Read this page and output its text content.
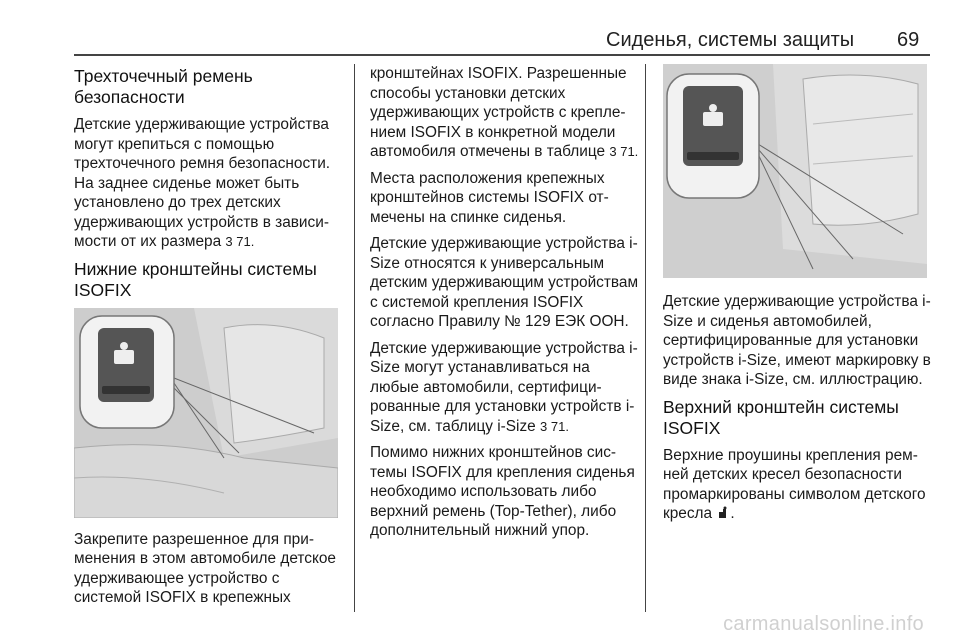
Сиденья, системы защиты 69
Трехточечный ремень безопасности

Детские удерживающие устройства могут крепиться с помощью трехточечного ремня безопасности. На заднее сиденье может быть установлено до трех детских удерживающих устройств в зависимости от их размера 3 71.

Нижние кронштейны системы ISOFIX

Закрепите разрешенное для применения в этом автомобиле детское удерживающее устройство с системой ISOFIX в крепежных

кронштейнах ISOFIX. Разрешенные способы установки детских удерживающих устройств с креплением ISOFIX в конкретной модели автомобиля отмечены в таблице 3 71.

Места расположения крепежных кронштейнов системы ISOFIX отмечены на спинке сиденья.

Детские удерживающие устройства i-Size относятся к универсальным детским удерживающим устройствам с системой крепления ISOFIX согласно Правилу № 129 ЕЭК ООН.

Детские удерживающие устройства i-Size могут устанавливаться на любые автомобили, сертифицированные для установки устройств i-Size, см. таблицу i-Size 3 71.

Помимо нижних кронштейнов системы ISOFIX для крепления сиденья необходимо использовать либо верхний ремень (Top-Tether), либо дополнительный нижний упор.

Детские удерживающие устройства i-Size и сиденья автомобилей, сертифицированные для установки устройств i-Size, имеют маркировку в виде знака i-Size, см. иллюстрацию.

Верхний кронштейн системы ISOFIX

Верхние проушины крепления ремней детских кресел безопасности промаркированы символом детского кресла .

carmanualsonline.info
